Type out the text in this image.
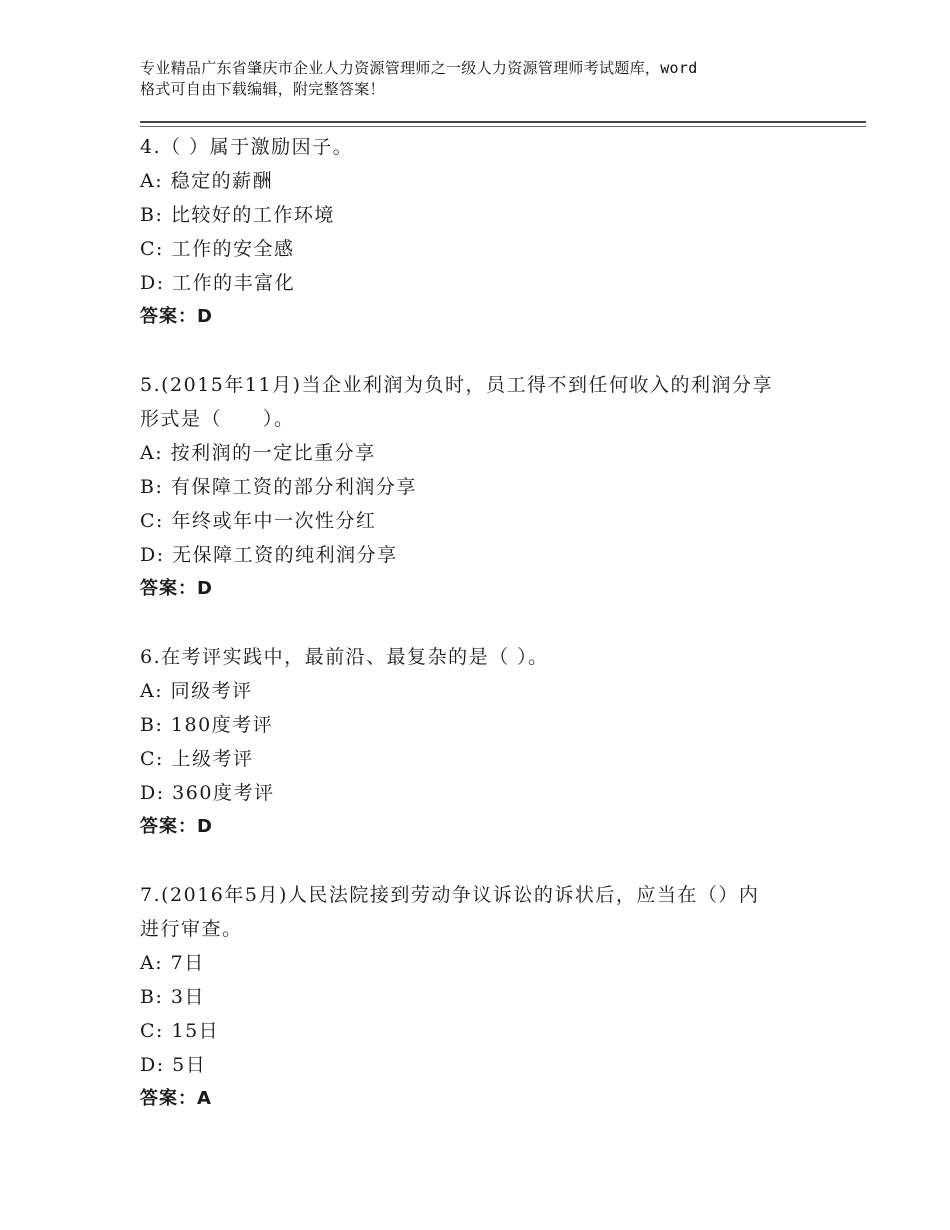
专业精品广东省肇庆市企业人力资源管理师之一级人力资源管理师考试题库，word
格式可自由下载编辑，附完整答案！
4.（ ）属于激励因子。
A: 稳定的薪酬
B: 比较好的工作环境
C: 工作的安全感
D: 工作的丰富化
答案：D
5.(2015年11月)当企业利润为负时，员工得不到任何收入的利润分享
形式是（　　）。
A: 按利润的一定比重分享
B: 有保障工资的部分利润分享
C: 年终或年中一次性分红
D: 无保障工资的纯利润分享
答案：D
6.在考评实践中，最前沿、最复杂的是（ ）。
A: 同级考评
B: 180度考评
C: 上级考评
D: 360度考评
答案：D
7.(2016年5月)人民法院接到劳动争议诉讼的诉状后，应当在（）内
进行审查。
A: 7日
B: 3日
C: 15日
D: 5日
答案：A
